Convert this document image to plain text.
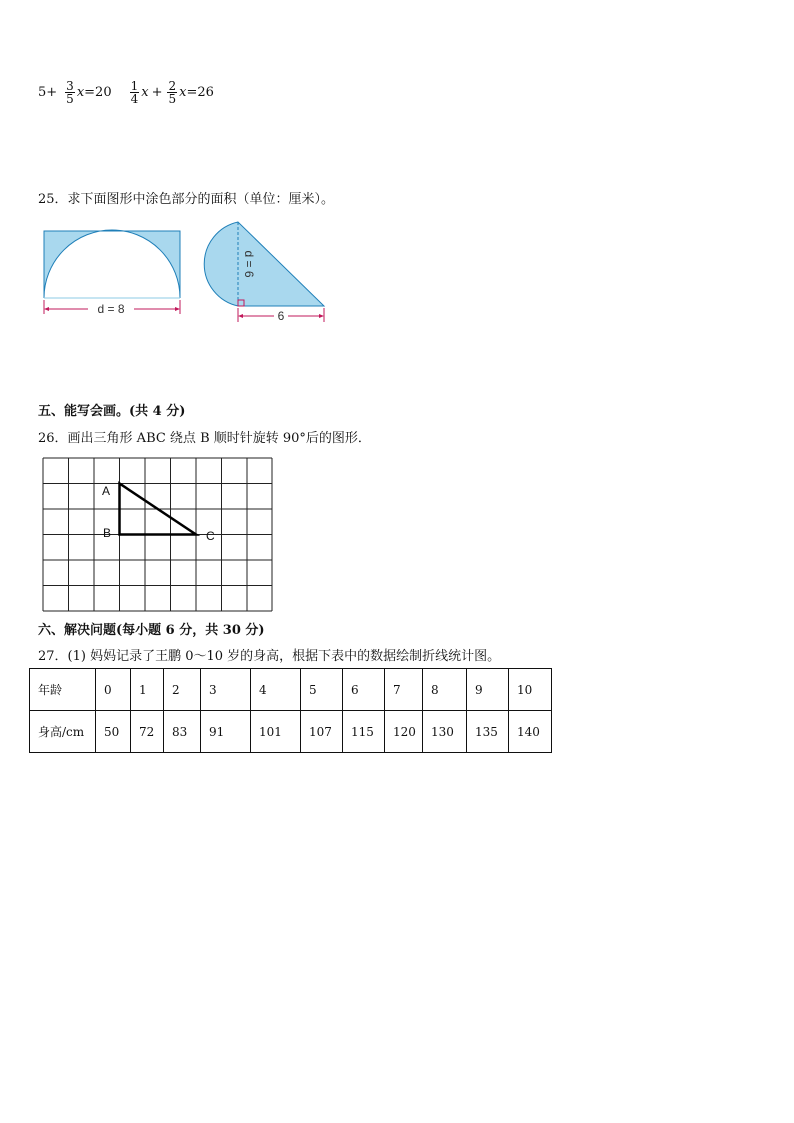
$5+ \frac{3}{5}$ $x =20 \frac{1}{4}$ $x + \frac{2}{5}$ x =26
25．求下面图形中涂色部分的面积（单位：厘米）。
d = 8
d = 6
6
五、能写会画。(共 4 分)
26．画出三角形 ABC 绕点 B 顺时针旋转 90°后的图形．
A
B	C
六、解决问题(每小题 6 分，共 30 分)
27．(1) 妈妈记录了王鹏 0～10 岁的身高，根据下表中的数据绘制折线统计图。
年龄	0	1	2	3	4	5	6	7	8	9	10
身高/cm	50	72	83	91	101	107	115	120	130	135	140
